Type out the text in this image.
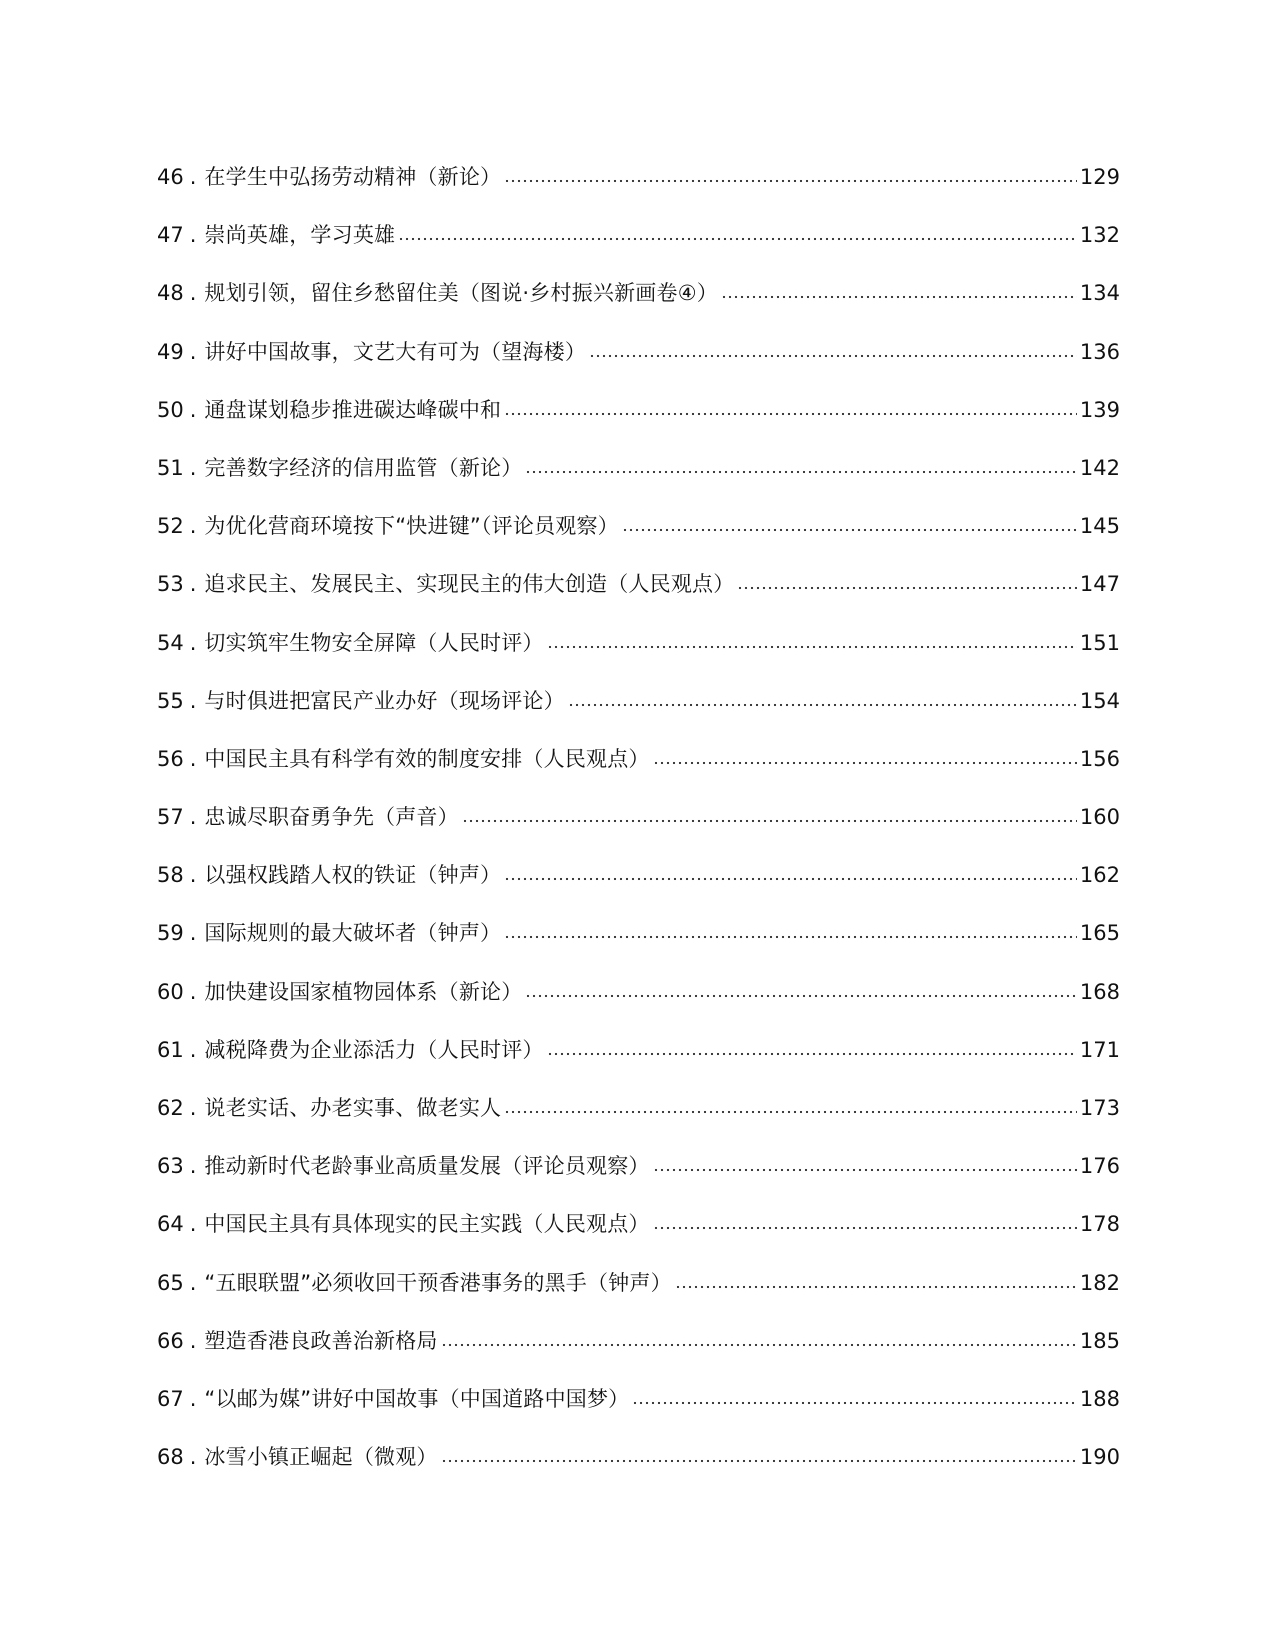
46 . 在学生中弘扬劳动精神（新论）	129
47 . 崇尚英雄，学习英雄	132
48 . 规划引领，留住乡愁留住美（图说·乡村振兴新画卷④）	134
49 . 讲好中国故事，文艺大有可为（望海楼）	136
50 . 通盘谋划稳步推进碳达峰碳中和	139
51 . 完善数字经济的信用监管（新论）	142
52 . 为优化营商环境按下“快进键”（评论员观察）	145
53 . 追求民主、发展民主、实现民主的伟大创造（人民观点）	147
54 . 切实筑牢生物安全屏障（人民时评）	151
55 . 与时俱进把富民产业办好（现场评论）	154
56 . 中国民主具有科学有效的制度安排（人民观点）	156
57 . 忠诚尽职奋勇争先（声音）	160
58 . 以强权践踏人权的铁证（钟声）	162
59 . 国际规则的最大破坏者（钟声）	165
60 . 加快建设国家植物园体系（新论）	168
61 . 减税降费为企业添活力（人民时评）	171
62 . 说老实话、办老实事、做老实人	173
63 . 推动新时代老龄事业高质量发展（评论员观察）	176
64 . 中国民主具有具体现实的民主实践（人民观点）	178
65 . “五眼联盟”必须收回干预香港事务的黑手（钟声）	182
66 . 塑造香港良政善治新格局	185
67 . “以邮为媒”讲好中国故事（中国道路中国梦）	188
68 . 冰雪小镇正崛起（微观）	190
